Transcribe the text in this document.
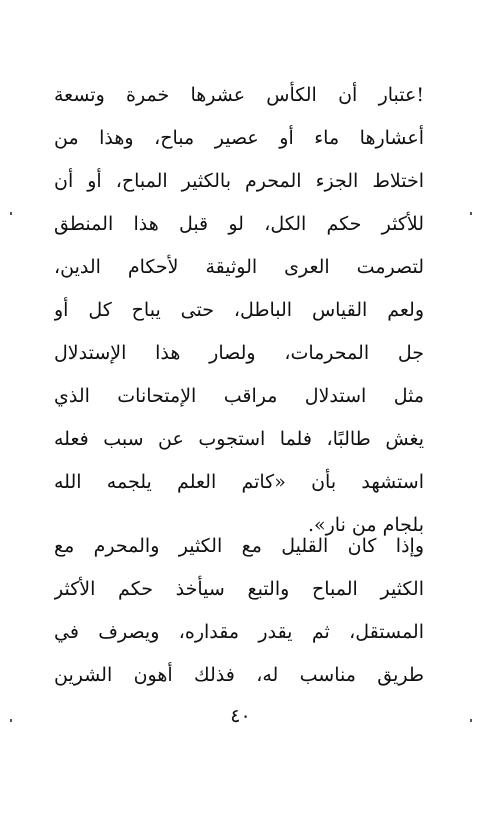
!عتبار أن الكأس عشرها خمرة وتسعة
أعشارها ماء أو عصير مباح، وهذا من
اختلاط الجزء المحرم بالكثير المباح، أو أن
للأكثر حكم الكل، لو قبل هذا المنطق
لتصرمت العرى الوثيقة لأحكام الدين،
ولعم القياس الباطل، حتى يباح كل أو
جل المحرمات، ولصار هذا الإستدلال
مثل استدلال مراقب الإمتحانات الذي
يغش طالبًا، فلما استجوب عن سبب فعله
استشهد بأن «كاتم العلم يلجمه الله
بلجام من نار».
وإذا كان القليل مع الكثير والمحرم مع
الكثير المباح والتبع سيأخذ حكم الأكثر
المستقل، ثم يقدر مقداره، ويصرف في
طريق مناسب له، فذلك أهون الشرين
٤٠
